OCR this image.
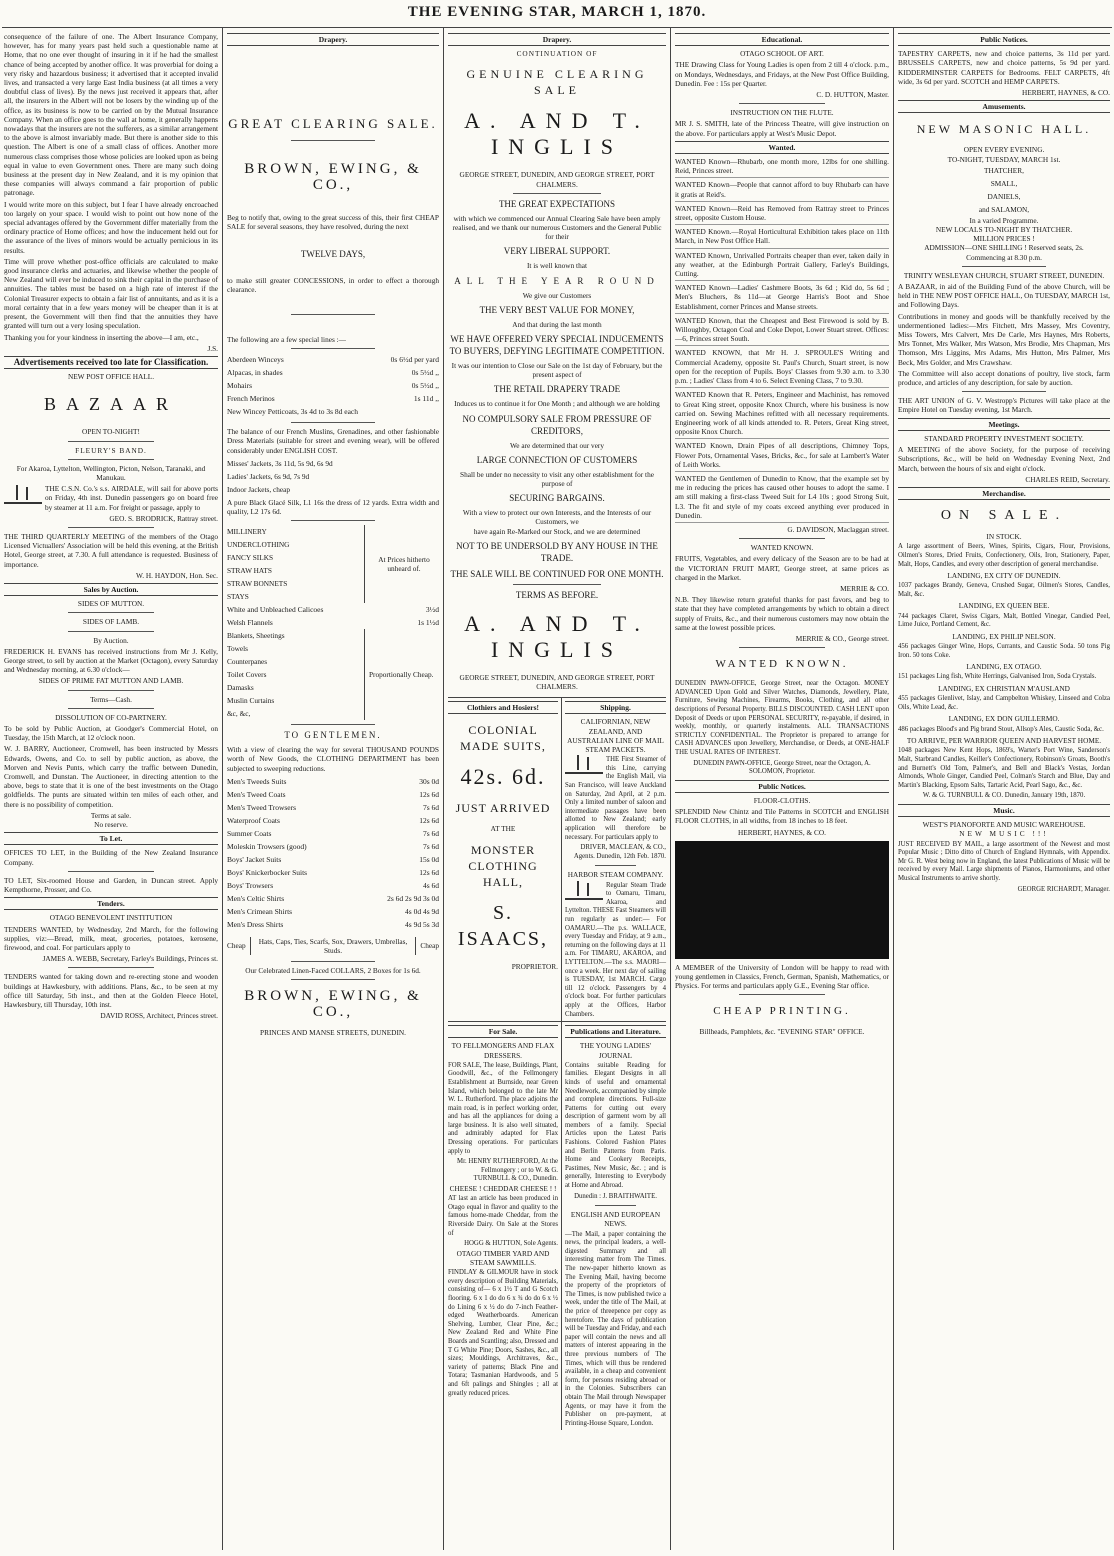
THE EVENING STAR, MARCH 1, 1870.

consequence of the failure of one. The Albert Insurance Company, however, has for many years past held such a questionable name at Home, that no one ever thought of insuring in it if he had the smallest chance of being accepted by another office. It was proverbial for doing a very risky and hazardous business; it advertised that it accepted invalid lives, and transacted a very large East India business (at all times a very doubtful class of lives). By the news just received it appears that, after all, the insurers in the Albert will not be losers by the winding up of the office, as its business is now to be carried on by the Mutual Insurance Company. When an office goes to the wall at home, it generally happens nowadays that the insurers are not the sufferers, as a similar arrangement to the above is almost invariably made. But there is another side to this question. The Albert is one of a small class of offices. Another more numerous class comprises those whose policies are looked upon as being equal in value to even Government ones. There are many such doing business at the present day in New Zealand, and it is my opinion that these companies will always command a fair proportion of public patronage.

I would write more on this subject, but I fear I have already encroached too largely on your space. I would wish to point out how none of the special advantages offered by the Government differ materially from the ordinary practice of Home offices; and how the inducement held out for the assurance of the lives of minors would be actually pernicious in its results.

Time will prove whether post-office officials are calculated to make good insurance clerks and actuaries, and likewise whether the people of New Zealand will ever be induced to sink their capital in the purchase of annuities. The tables must be based on a high rate of interest if the Colonial Treasurer expects to obtain a fair list of annuitants, and as it is a moral certainty that in a few years money will be cheaper than it is at present, the Government will then find that the annuities they have granted will turn out a very losing speculation.

Thanking you for your kindness in inserting the above—I am, etc.,

J.S.
Advertisements received too late for Classification.
NEW POST OFFICE HALL.
BAZAAR
OPEN TO-NIGHT!
FLEURY'S BAND.
For Akaroa, Lyttelton, Wellington, Picton, Nelson, Taranaki, and Manukau.

THE C.S.N. Co.'s s.s. AIRDALE, will sail for above ports on Friday, 4th inst. Dunedin passengers go on board free by steamer at 11 a.m. For freight or passage, apply to

GEO. S. BRODRICK, Rattray street.

THE THIRD QUARTERLY MEETING of the members of the Otago Licensed Victuallers' Association will be held this evening, at the British Hotel, George street, at 7.30. A full attendance is requested. Business of importance.

W. H. HAYDON, Hon. Sec.
Sales by Auction.
SIDES OF MUTTON.
SIDES OF LAMB.
By Auction.

FREDERICK H. EVANS has received instructions from Mr J. Kelly, George street, to sell by auction at the Market (Octagon), every Saturday and Wednesday morning, at 6.30 o'clock—

SIDES OF PRIME FAT MUTTON AND LAMB.
Terms—Cash.
DISSOLUTION OF CO-PARTNERY.

To be sold by Public Auction, at Goodger's Commercial Hotel, on Tuesday, the 15th March, at 12 o'clock noon.

W. J. BARRY, Auctioneer, Cromwell, has been instructed by Messrs Edwards, Owens, and Co. to sell by public auction, as above, the Morven and Nevis Punts, which carry the traffic between Dunedin, Cromwell, and Dunstan. The Auctioneer, in directing attention to the above, begs to state that it is one of the best investments on the Otago goldfields. The punts are situated within ten miles of each other, and there is no possibility of competition.

Terms at sale.
No reserve.
To Let.

OFFICES TO LET, in the Building of the New Zealand Insurance Company.

TO LET, Six-roomed House and Garden, in Duncan street. Apply Kempthorne, Prosser, and Co.

Tenders.
OTAGO BENEVOLENT INSTITUTION

TENDERS WANTED, by Wednesday, 2nd March, for the following supplies, viz:—Bread, milk, meat, groceries, potatoes, kerosene, firewood, and coal. For particulars apply to

JAMES A. WEBB, Secretary, Farley's Buildings, Princes st.

TENDERS wanted for taking down and re-erecting stone and wooden buildings at Hawkesbury, with additions. Plans, &c., to be seen at my office till Saturday, 5th inst., and then at the Golden Fleece Hotel, Hawkesbury, till Thursday, 10th inst.

DAVID ROSS, Architect, Princes street.
Drapery.
GREAT CLEARING SALE.
BROWN, EWING, & CO.,

Beg to notify that, owing to the great success of this, their first CHEAP SALE for several seasons, they have resolved, during the next

TWELVE DAYS,

to make still greater CONCESSIONS, in order to effect a thorough clearance.

The following are a few special lines :—

Aberdeen Winceys	0s 6½d per yard
Alpacas, in shades	0s 5½d ,,
Mohairs	0s 5½d ,,
French Merinos	1s 11d ,,
New Wincey Petticoats, 3s 4d to 3s 8d each

The balance of our French Muslins, Grenadines, and other fashionable Dress Materials (suitable for street and evening wear), will be offered considerably under ENGLISH COST.

Misses' Jackets, 3s 11d, 5s 9d, 6s 9d
Ladies' Jackets, 6s 9d, 7s 9d
Indoor Jackets, cheap

A pure Black Glacé Silk, L1 16s the dress of 12 yards. Extra width and quality, L2 17s 6d.

MILLINERY
UNDERCLOTHING
FANCY SILKS
STRAW HATS
STRAW BONNETS
STAYS
At Prices hitherto unheard of.
White and Unbleached Calicoes	3½d
Welsh Flannels	1s 1½d
Blankets, Sheetings
Towels
Counterpanes
Toilet Covers
Damasks
Muslin Curtains
&c, &c,
Proportionally Cheap.
TO GENTLEMEN.

With a view of clearing the way for several THOUSAND POUNDS worth of New Goods, the CLOTHING DEPARTMENT has been subjected to sweeping reductions.

Men's Tweeds Suits	30s 0d
Men's Tweed Coats	12s 6d
Men's Tweed Trowsers	7s 6d
Waterproof Coats	12s 6d
Summer Coats	7s 6d
Moleskin Trowsers (good)	7s 6d
Boys' Jacket Suits	15s 0d
Boys' Knickerbocker Suits	12s 6d
Boys' Trowsers	4s 6d
Men's Celtic Shirts	2s 6d 2s 9d 3s 0d
Men's Crimean Shirts	4s 0d 4s 9d
Men's Dress Shirts	4s 9d 5s 3d
Cheap
Hats, Caps, Ties, Scarfs, Sox, Drawers, Umbrellas, Studs.
Cheap
Our Celebrated Linen-Faced COLLARS, 2 Boxes for 1s 6d.
BROWN, EWING, & CO.,
PRINCES AND MANSE STREETS, DUNEDIN.
Drapery.
CONTINUATION OF
GENUINE CLEARING SALE
A. AND T. INGLIS
GEORGE STREET, DUNEDIN, AND GEORGE STREET, PORT CHALMERS.
THE GREAT EXPECTATIONS
with which we commenced our Annual Clearing Sale have been amply realised, and we thank our numerous Customers and the General Public for their
VERY LIBERAL SUPPORT.
It is well known that
ALL THE YEAR ROUND
We give our Customers
THE VERY BEST VALUE FOR MONEY,
And that during the last month
WE HAVE OFFERED VERY SPECIAL INDUCEMENTS TO BUYERS, DEFYING LEGITIMATE COMPETITION.
It was our intention to Close our Sale on the 1st day of February, but the present aspect of
THE RETAIL DRAPERY TRADE
Induces us to continue it for One Month ; and although we are holding
NO COMPULSORY SALE FROM PRESSURE OF CREDITORS,
We are determined that our very
LARGE CONNECTION OF CUSTOMERS
Shall be under no necessity to visit any other establishment for the purpose of
SECURING BARGAINS.
With a view to protect our own Interests, and the Interests of our Customers, we
have again Re-Marked our Stock, and we are determined
NOT TO BE UNDERSOLD BY ANY HOUSE IN THE TRADE.
THE SALE WILL BE CONTINUED FOR ONE MONTH.
TERMS AS BEFORE.
A. AND T. INGLIS
GEORGE STREET, DUNEDIN, AND GEORGE STREET, PORT CHALMERS.
Clothiers and Hosiers!
COLONIAL MADE SUITS,
42s. 6d.
JUST ARRIVED
AT THE
MONSTER CLOTHING HALL,
S. ISAACS,
PROPRIETOR.
Shipping.
CALIFORNIAN, NEW ZEALAND, AND AUSTRALIAN LINE OF MAIL STEAM PACKETS.

THE First Steamer of this Line, carrying the English Mail, via San Francisco, will leave Auckland on Saturday, 2nd April, at 2 p.m. Only a limited number of saloon and intermediate passages have been allotted to New Zealand; early application will therefore be necessary. For particulars apply to

DRIVER, MACLEAN, & CO., Agents. Dunedin, 12th Feb. 1870.
HARBOR STEAM COMPANY.

Regular Steam Trade to Oamaru, Timaru, Akaroa, and Lyttelton. THESE Fast Steamers will run regularly as under:— For OAMARU.—The p.s. WALLACE, every Tuesday and Friday, at 9 a.m., returning on the following days at 11 a.m. For TIMARU, AKAROA, and LYTTELTON.—The s.s. MAORI—once a week. Her next day of sailing is TUESDAY, 1st MARCH. Cargo till 12 o'clock. Passengers by 4 o'clock boat. For further particulars apply at the Offices, Harbor Chambers.

For Sale.
TO FELLMONGERS AND FLAX DRESSERS.

FOR SALE, The lease, Buildings, Plant, Goodwill, &c., of the Fellmongery Establishment at Burnside, near Green Island, which belonged to the late Mr W. L. Rutherford. The place adjoins the main road, is in perfect working order, and has all the appliances for doing a large business. It is also well situated, and admirably adapted for Flax Dressing operations. For particulars apply to

Mr. HENRY RUTHERFORD, At the Fellmongery ; or to W. & G. TURNBULL & CO., Dunedin.
CHEESE ! CHEDDAR CHEESE ! !

AT last an article has been produced in Otago equal in flavor and quality to the famous home-made Cheddar, from the Riverside Dairy. On Sale at the Stores of

HOGG & HUTTON, Sole Agents.
OTAGO TIMBER YARD AND STEAM SAWMILLS.

FINDLAY & GILMOUR have in stock every description of Building Materials, consisting of— 6 x 1½ T and G Scotch flooring. 6 x 1 do do 6 x ¾ do do 6 x ½ do Lining 6 x ½ do do 7-inch Feather-edged Weatherboards. American Shelving, Lumber, Clear Pine, &c.; New Zealand Red and White Pine Boards and Scantling; also, Dressed and T G White Pine; Doors, Sashes, &c., all sizes; Mouldings, Architraves, &c., variety of patterns; Black Pine and Totara; Tasmanian Hardwoods, and 5 and 6ft palings and Shingles ; all at greatly reduced prices.

Publications and Literature.
THE YOUNG LADIES' JOURNAL

Contains suitable Reading for families. Elegant Designs in all kinds of useful and ornamental Needlework, accompanied by simple and complete directions. Full-size Patterns for cutting out every description of garment worn by all members of a family. Special Articles upon the Latest Paris Fashions. Colored Fashion Plates and Berlin Patterns from Paris. Home and Cookery Receipts, Pastimes, New Music, &c. ; and is generally, Interesting to Everybody at Home and Abroad.

Dunedin : J. BRAITHWAITE.
ENGLISH AND EUROPEAN NEWS.

—The Mail, a paper containing the news, the principal leaders, a well-digested Summary and all interesting matter from The Times. The new-paper hitherto known as The Evening Mail, having become the property of the proprietors of The Times, is now published twice a week, under the title of The Mail, at the price of threepence per copy as heretofore. The days of publication will be Tuesday and Friday, and each paper will contain the news and all matters of interest appearing in the three previous numbers of The Times, which will thus be rendered available, in a cheap and convenient form, for persons residing abroad or in the Colonies. Subscribers can obtain The Mail through Newspaper Agents, or may have it from the Publisher on pre-payment, at Printing-House Square, London.

Educational.
OTAGO SCHOOL OF ART.

THE Drawing Class for Young Ladies is open from 2 till 4 o'clock. p.m., on Mondays, Wednesdays, and Fridays, at the New Post Office Building, Dunedin. Fee : 15s per Quarter.

C. D. HUTTON, Master.
INSTRUCTION ON THE FLUTE.

MR J. S. SMITH, late of the Princess Theatre, will give instruction on the above. For particulars apply at West's Music Depot.

Wanted.

WANTED Known—Rhubarb, one month more, 12lbs for one shilling. Reid, Princes street.

WANTED Known—People that cannot afford to buy Rhubarb can have it gratis at Reid's.

WANTED Known—Reid has Removed from Rattray street to Princes street, opposite Custom House.

WANTED Known.—Royal Horticultural Exhibition takes place on 11th March, in New Post Office Hall.

WANTED Known, Unrivalled Portraits cheaper than ever, taken daily in any weather, at the Edinburgh Portrait Gallery, Farley's Buildings, Cutting.

WANTED Known—Ladies' Cashmere Boots, 3s 6d ; Kid do, 5s 6d ; Men's Bluchers, 8s 11d—at George Harris's Boot and Shoe Establishment, corner Princes and Manse streets.

WANTED Known, that the Cheapest and Best Firewood is sold by B. Willoughby, Octagon Coal and Coke Depot, Lower Stuart street. Offices:—6, Princes street South.

WANTED KNOWN, that Mr H. J. SPROULE'S Writing and Commercial Academy, opposite St. Paul's Church, Stuart street, is now open for the reception of Pupils. Boys' Classes from 9.30 a.m. to 3.30 p.m. ; Ladies' Class from 4 to 6. Select Evening Class, 7 to 9.30.

WANTED Known that R. Peters, Engineer and Machinist, has removed to Great King street, opposite Knox Church, where his business is now carried on. Sewing Machines refitted with all necessary requirements. Engineering work of all kinds attended to. R. Peters, Great King street, opposite Knox Church.

WANTED Known, Drain Pipes of all descriptions, Chimney Tops, Flower Pots, Ornamental Vases, Bricks, &c., for sale at Lambert's Water of Leith Works.

WANTED the Gentlemen of Dunedin to Know, that the example set by me in reducing the prices has caused other houses to adopt the same. I am still making a first-class Tweed Suit for L4 10s ; good Strong Suit, L3. The fit and style of my coats exceed anything ever produced in Dunedin.

G. DAVIDSON, Maclaggan street.
WANTED KNOWN.

FRUITS, Vegetables, and every delicacy of the Season are to be had at the VICTORIAN FRUIT MART, George street, at same prices as charged in the Market.

MERRIE & CO.

N.B. They likewise return grateful thanks for past favors, and beg to state that they have completed arrangements by which to obtain a direct supply of Fruits, &c., and their numerous customers may now obtain the same at the lowest possible prices.

MERRIE & CO., George street.
WANTED KNOWN.

DUNEDIN PAWN-OFFICE, George Street, near the Octagon. MONEY ADVANCED Upon Gold and Silver Watches, Diamonds, Jewellery, Plate, Furniture, Sewing Machines, Firearms, Books, Clothing, and all other descriptions of Personal Property. BILLS DISCOUNTED. CASH LENT upon Deposit of Deeds or upon PERSONAL SECURITY, re-payable, if desired, in weekly, monthly, or quarterly instalments. ALL TRANSACTIONS STRICTLY CONFIDENTIAL. The Proprietor is prepared to arrange for CASH ADVANCES upon Jewellery, Merchandise, or Deeds, at ONE-HALF THE USUAL RATES OF INTEREST.

DUNEDIN PAWN-OFFICE, George Street, near the Octagon, A. SOLOMON, Proprietor.
Public Notices.
FLOOR-CLOTHS.

SPLENDID New Chintz and Tile Patterns in SCOTCH and ENGLISH FLOOR CLOTHS, in all widths, from 18 inches to 18 feet.

HERBERT, HAYNES, & CO.

A MEMBER of the University of London will be happy to read with young gentlemen in Classics, French, German, Spanish, Mathematics, or Physics. For terms and particulars apply G.E., Evening Star office.

CHEAP PRINTING.
Billheads, Pamphlets, &c. "EVENING STAR" OFFICE.
Public Notices.

TAPESTRY CARPETS, new and choice patterns, 3s 11d per yard. BRUSSELS CARPETS, new and choice patterns, 5s 9d per yard. KIDDERMINSTER CARPETS for Bedrooms. FELT CARPETS, 4ft wide, 3s 6d per yard. SCOTCH and HEMP CARPETS.

HERBERT, HAYNES, & CO.
Amusements.
NEW MASONIC HALL.
OPEN EVERY EVENING.
TO-NIGHT, TUESDAY, MARCH 1st.
THATCHER,
SMALL,
DANIELS,
and SALAMON,
In a varied Programme.
NEW LOCALS TO-NIGHT BY THATCHER.
MILLION PRICES !
ADMISSION—ONE SHILLING ! Reserved seats, 2s.
Commencing at 8.30 p.m.
TRINITY WESLEYAN CHURCH, STUART STREET, DUNEDIN.

A BAZAAR, in aid of the Building Fund of the above Church, will be held in THE NEW POST OFFICE HALL, On TUESDAY, MARCH 1st, and Following Days.

Contributions in money and goods will be thankfully received by the undermentioned ladies:—Mrs Fitchett, Mrs Massey, Mrs Coventry, Miss Towers, Mrs Calvert, Mrs De Carle, Mrs Haynes, Mrs Roberts, Mrs Tonnet, Mrs Walker, Mrs Watson, Mrs Brodie, Mrs Chapman, Mrs Thomson, Mrs Liggins, Mrs Adams, Mrs Hutton, Mrs Palmer, Mrs Beck, Mrs Golder, and Mrs Crawshaw.

The Committee will also accept donations of poultry, live stock, farm produce, and articles of any description, for sale by auction.

THE ART UNION of G. V. Westropp's Pictures will take place at the Empire Hotel on Tuesday evening, 1st March.

Meetings.
STANDARD PROPERTY INVESTMENT SOCIETY.

A MEETING of the above Society, for the purpose of receiving Subscriptions, &c., will be held on Wednesday Evening Next, 2nd March, between the hours of six and eight o'clock.

CHARLES REID, Secretary.
Merchandise.
ON SALE.
IN STOCK.

A large assortment of Beers, Wines, Spirits, Cigars, Flour, Provisions, Oilmen's Stores, Dried Fruits, Confectionery, Oils, Iron, Stationery, Paper, Malt, Hops, Candles, and every other description of general merchandise.

LANDING, EX CITY OF DUNEDIN.

1037 packages Brandy, Geneva, Crushed Sugar, Oilmen's Stores, Candles, Malt, &c.

LANDING, EX QUEEN BEE.

744 packages Claret, Swiss Cigars, Malt, Bottled Vinegar, Candied Peel, Lime Juice, Portland Cement, &c.

LANDING, EX PHILIP NELSON.

456 packages Ginger Wine, Hops, Currants, and Caustic Soda. 50 tons Pig Iron. 50 tons Coke.

LANDING, EX OTAGO.

151 packages Ling fish, White Herrings, Galvanised Iron, Soda Crystals.

LANDING, EX CHRISTIAN M'AUSLAND

455 packages Glenlivet, Islay, and Campbelton Whiskey, Linseed and Colza Oils, White Lead, &c.

LANDING, EX DON GUILLERMO.

486 packages Blood's and Pig brand Stout, Allsop's Ales, Caustic Soda, &c.

TO ARRIVE, PER WARRIOR QUEEN AND HARVEST HOME.

1048 packages New Kent Hops, 1869's, Warter's Port Wine, Sanderson's Malt, Starbrand Candles, Keiller's Confectionery, Robinson's Groats, Booth's and Burnett's Old Tom, Palmer's, and Bell and Black's Vestas, Jordan Almonds, Whole Ginger, Candied Peel, Colman's Starch and Blue, Day and Martin's Blacking, Epsom Salts, Tartaric Acid, Pearl Sago, &c., &c.

W. & G. TURNBULL & CO. Dunedin, January 19th, 1870.
Music.
WEST'S PIANOFORTE AND MUSIC WAREHOUSE.
NEW MUSIC !!!

JUST RECEIVED BY MAIL, a large assortment of the Newest and most Popular Music ; Ditto ditto of Church of England Hymnals, with Appendix. Mr G. R. West being now in England, the latest Publications of Music will be received by every Mail. Large shipments of Pianos, Harmoniums, and other Musical Instruments to arrive shortly.

GEORGE RICHARDT, Manager.
